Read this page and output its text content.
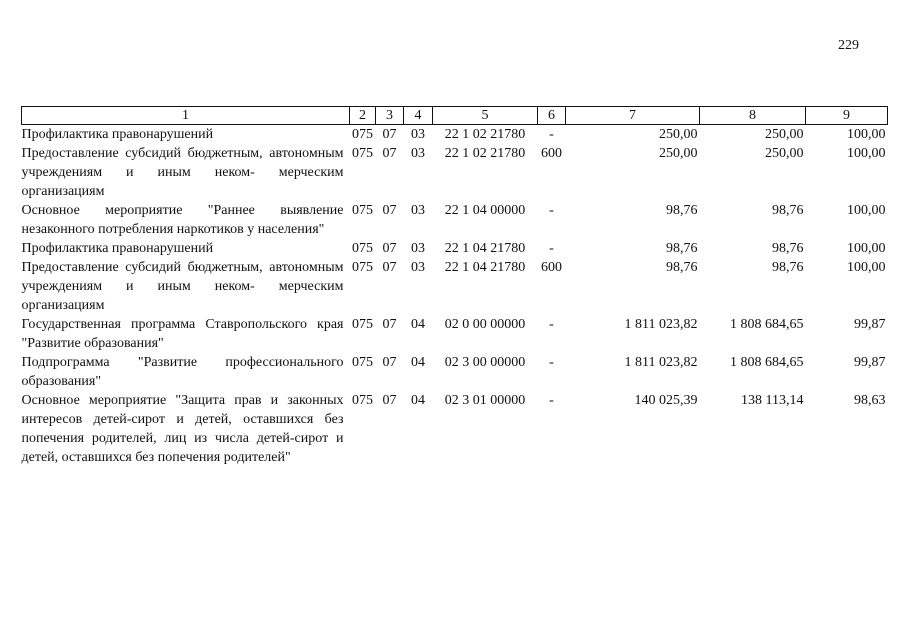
229
1	2	3	4	5	6	7	8	9
Профилактика правонарушений	075	07	03	22 1 02 21780	-	250,00	250,00	100,00
Предоставление субсидий бюджетным, автономным учреждениям и иным неком- мерческим организациям	075	07	03	22 1 02 21780	600	250,00	250,00	100,00
Основное мероприятие "Раннее выявление незаконного потребления наркотиков у населения"	075	07	03	22 1 04 00000	-	98,76	98,76	100,00
Профилактика правонарушений	075	07	03	22 1 04 21780	-	98,76	98,76	100,00
Предоставление субсидий бюджетным, автономным учреждениям и иным неком- мерческим организациям	075	07	03	22 1 04 21780	600	98,76	98,76	100,00
Государственная программа Ставропольского края "Развитие образования"	075	07	04	02 0 00 00000	-	1 811 023,82	1 808 684,65	99,87
Подпрограмма "Развитие профессионального образования"	075	07	04	02 3 00 00000	-	1 811 023,82	1 808 684,65	99,87
Основное мероприятие "Защита прав и законных интересов детей-сирот и детей, оставшихся без попечения родителей, лиц из числа детей-сирот и детей, оставшихся без попечения родителей"	075	07	04	02 3 01 00000	-	140 025,39	138 113,14	98,63
